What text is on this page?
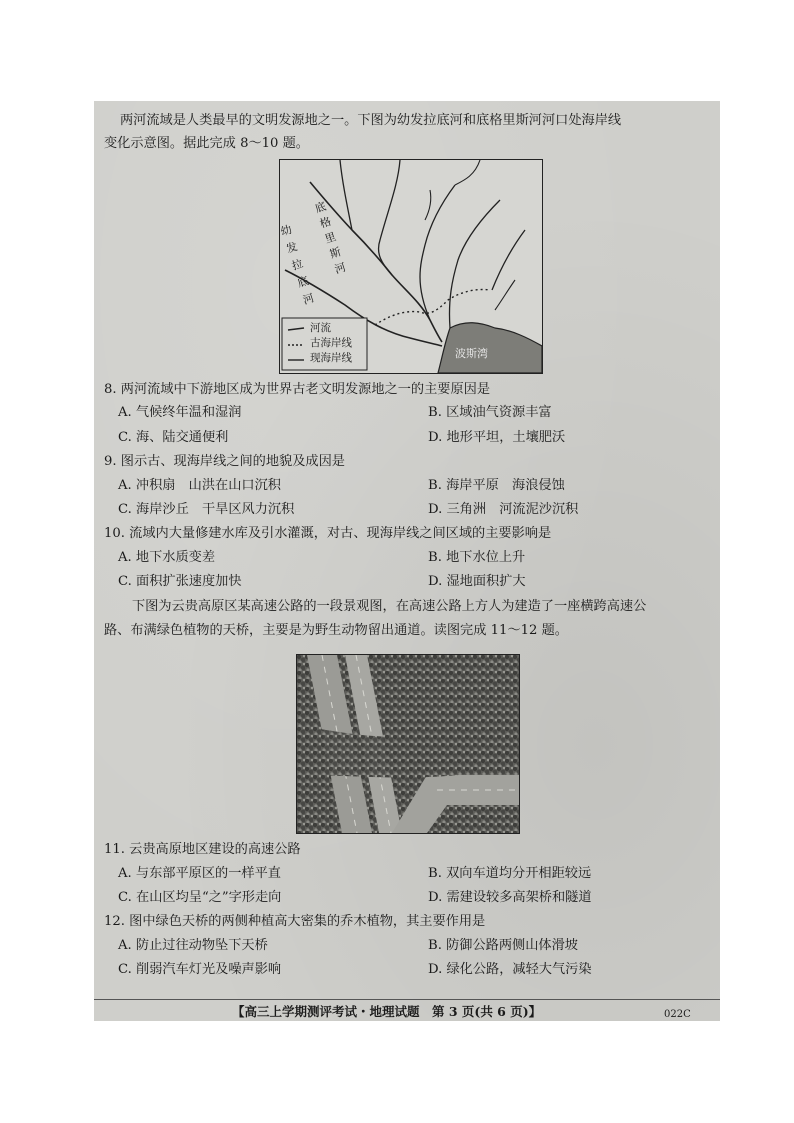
两河流域是人类最早的文明发源地之一。下图为幼发拉底河和底格里斯河河口处海岸线
变化示意图。据此完成 8～10 题。
底格里斯河
幼发拉底河
波斯湾
河流
古海岸线
现海岸线
8. 两河流域中下游地区成为世界古老文明发源地之一的主要原因是
A. 气候终年温和湿润	B. 区域油气资源丰富
C. 海、陆交通便利	D. 地形平坦，土壤肥沃
9. 图示古、现海岸线之间的地貌及成因是
A. 冲积扇　山洪在山口沉积	B. 海岸平原　海浪侵蚀
C. 海岸沙丘　干旱区风力沉积	D. 三角洲　河流泥沙沉积
10. 流域内大量修建水库及引水灌溉，对古、现海岸线之间区域的主要影响是
A. 地下水质变差	B. 地下水位上升
C. 面积扩张速度加快	D. 湿地面积扩大
下图为云贵高原区某高速公路的一段景观图，在高速公路上方人为建造了一座横跨高速公
路、布满绿色植物的天桥，主要是为野生动物留出通道。读图完成 11～12 题。
11. 云贵高原地区建设的高速公路
A. 与东部平原区的一样平直	B. 双向车道均分开相距较远
C. 在山区均呈“之”字形走向	D. 需建设较多高架桥和隧道
12. 图中绿色天桥的两侧种植高大密集的乔木植物，其主要作用是
A. 防止过往动物坠下天桥	B. 防御公路两侧山体滑坡
C. 削弱汽车灯光及噪声影响	D. 绿化公路，减轻大气污染
【高三上学期测评考试・地理试题　第 3 页(共 6 页)】	022C
